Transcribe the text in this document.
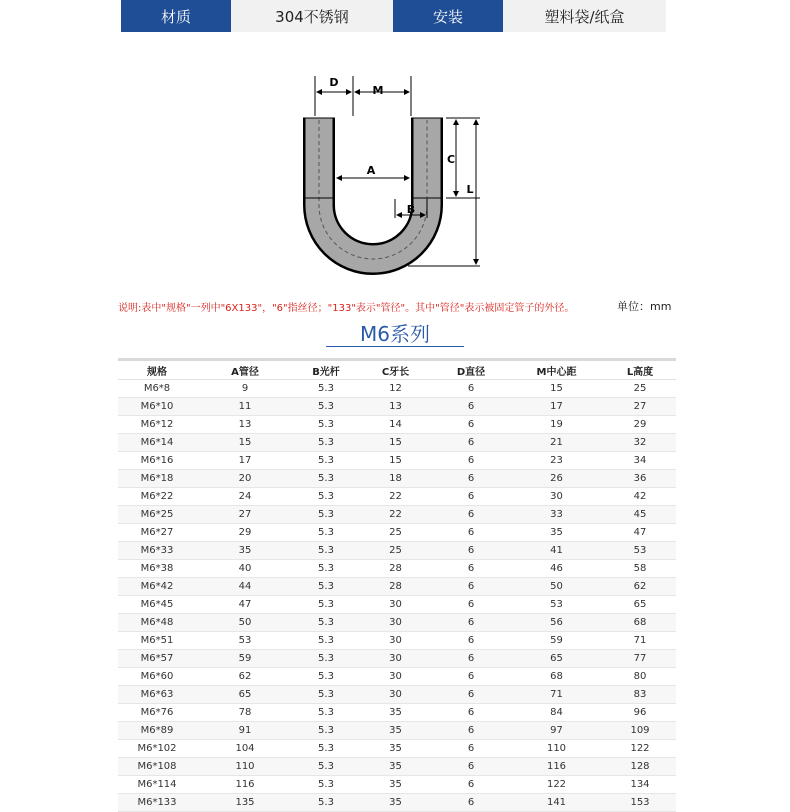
材质	304不锈钢	安装	塑料袋/纸盒
D
M
A
B
C
L
说明:表中"规格"一列中"6X133"，"6"指丝径；"133"表示"管径"。其中"管径"表示被固定管子的外径。	单位：mm
M6系列
规格	A管径	B光杆	C牙长	D直径	M中心距	L高度
M6*8	9	5.3	12	6	15	25
M6*10	11	5.3	13	6	17	27
M6*12	13	5.3	14	6	19	29
M6*14	15	5.3	15	6	21	32
M6*16	17	5.3	15	6	23	34
M6*18	20	5.3	18	6	26	36
M6*22	24	5.3	22	6	30	42
M6*25	27	5.3	22	6	33	45
M6*27	29	5.3	25	6	35	47
M6*33	35	5.3	25	6	41	53
M6*38	40	5.3	28	6	46	58
M6*42	44	5.3	28	6	50	62
M6*45	47	5.3	30	6	53	65
M6*48	50	5.3	30	6	56	68
M6*51	53	5.3	30	6	59	71
M6*57	59	5.3	30	6	65	77
M6*60	62	5.3	30	6	68	80
M6*63	65	5.3	30	6	71	83
M6*76	78	5.3	35	6	84	96
M6*89	91	5.3	35	6	97	109
M6*102	104	5.3	35	6	110	122
M6*108	110	5.3	35	6	116	128
M6*114	116	5.3	35	6	122	134
M6*133	135	5.3	35	6	141	153
